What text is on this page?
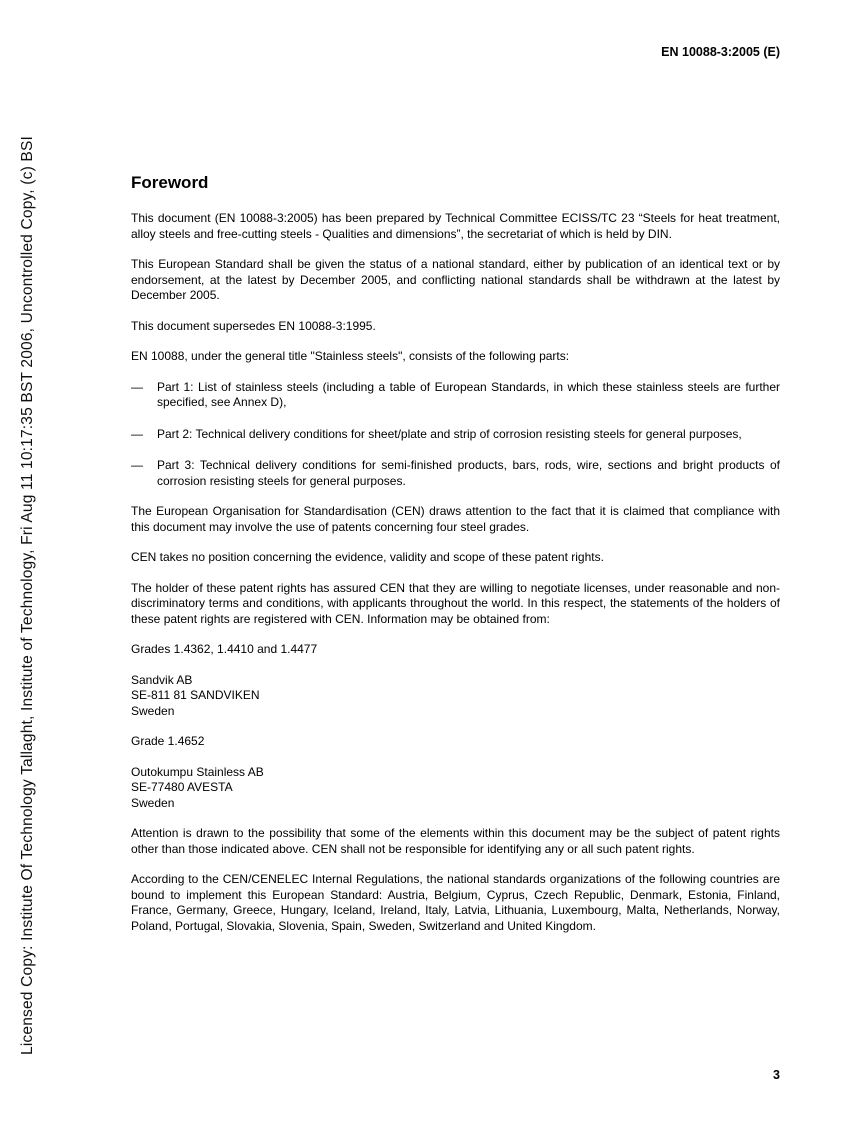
Licensed Copy: Institute Of Technology Tallaght, Institute of Technology, Fri Aug 11 10:17:35 BST 2006, Uncontrolled Copy, (c) BSI
EN 10088-3:2005 (E)
Foreword

This document (EN 10088-3:2005) has been prepared by Technical Committee ECISS/TC 23 “Steels for heat treatment, alloy steels and free-cutting steels - Qualities and dimensions”, the secretariat of which is held by DIN.

This European Standard shall be given the status of a national standard, either by publication of an identical text or by endorsement, at the latest by December 2005, and conflicting national standards shall be withdrawn at the latest by December 2005.

This document supersedes EN 10088-3:1995.

EN 10088, under the general title "Stainless steels", consists of the following parts:

— Part 1: List of stainless steels (including a table of European Standards, in which these stainless steels are further specified, see Annex D),
— Part 2: Technical delivery conditions for sheet/plate and strip of corrosion resisting steels for general purposes,
— Part 3: Technical delivery conditions for semi-finished products, bars, rods, wire, sections and bright products of corrosion resisting steels for general purposes.

The European Organisation for Standardisation (CEN) draws attention to the fact that it is claimed that compliance with this document may involve the use of patents concerning four steel grades.

CEN takes no position concerning the evidence, validity and scope of these patent rights.

The holder of these patent rights has assured CEN that they are willing to negotiate licenses, under reasonable and non-discriminatory terms and conditions, with applicants throughout the world. In this respect, the statements of the holders of these patent rights are registered with CEN. Information may be obtained from:

Grades 1.4362, 1.4410 and 1.4477

Sandvik AB
SE-811 81 SANDVIKEN
Sweden

Grade 1.4652

Outokumpu Stainless AB
SE-77480 AVESTA
Sweden

Attention is drawn to the possibility that some of the elements within this document may be the subject of patent rights other than those indicated above. CEN shall not be responsible for identifying any or all such patent rights.

According to the CEN/CENELEC Internal Regulations, the national standards organizations of the following countries are bound to implement this European Standard: Austria, Belgium, Cyprus, Czech Republic, Denmark, Estonia, Finland, France, Germany, Greece, Hungary, Iceland, Ireland, Italy, Latvia, Lithuania, Luxembourg, Malta, Netherlands, Norway, Poland, Portugal, Slovakia, Slovenia, Spain, Sweden, Switzerland and United Kingdom.

3
